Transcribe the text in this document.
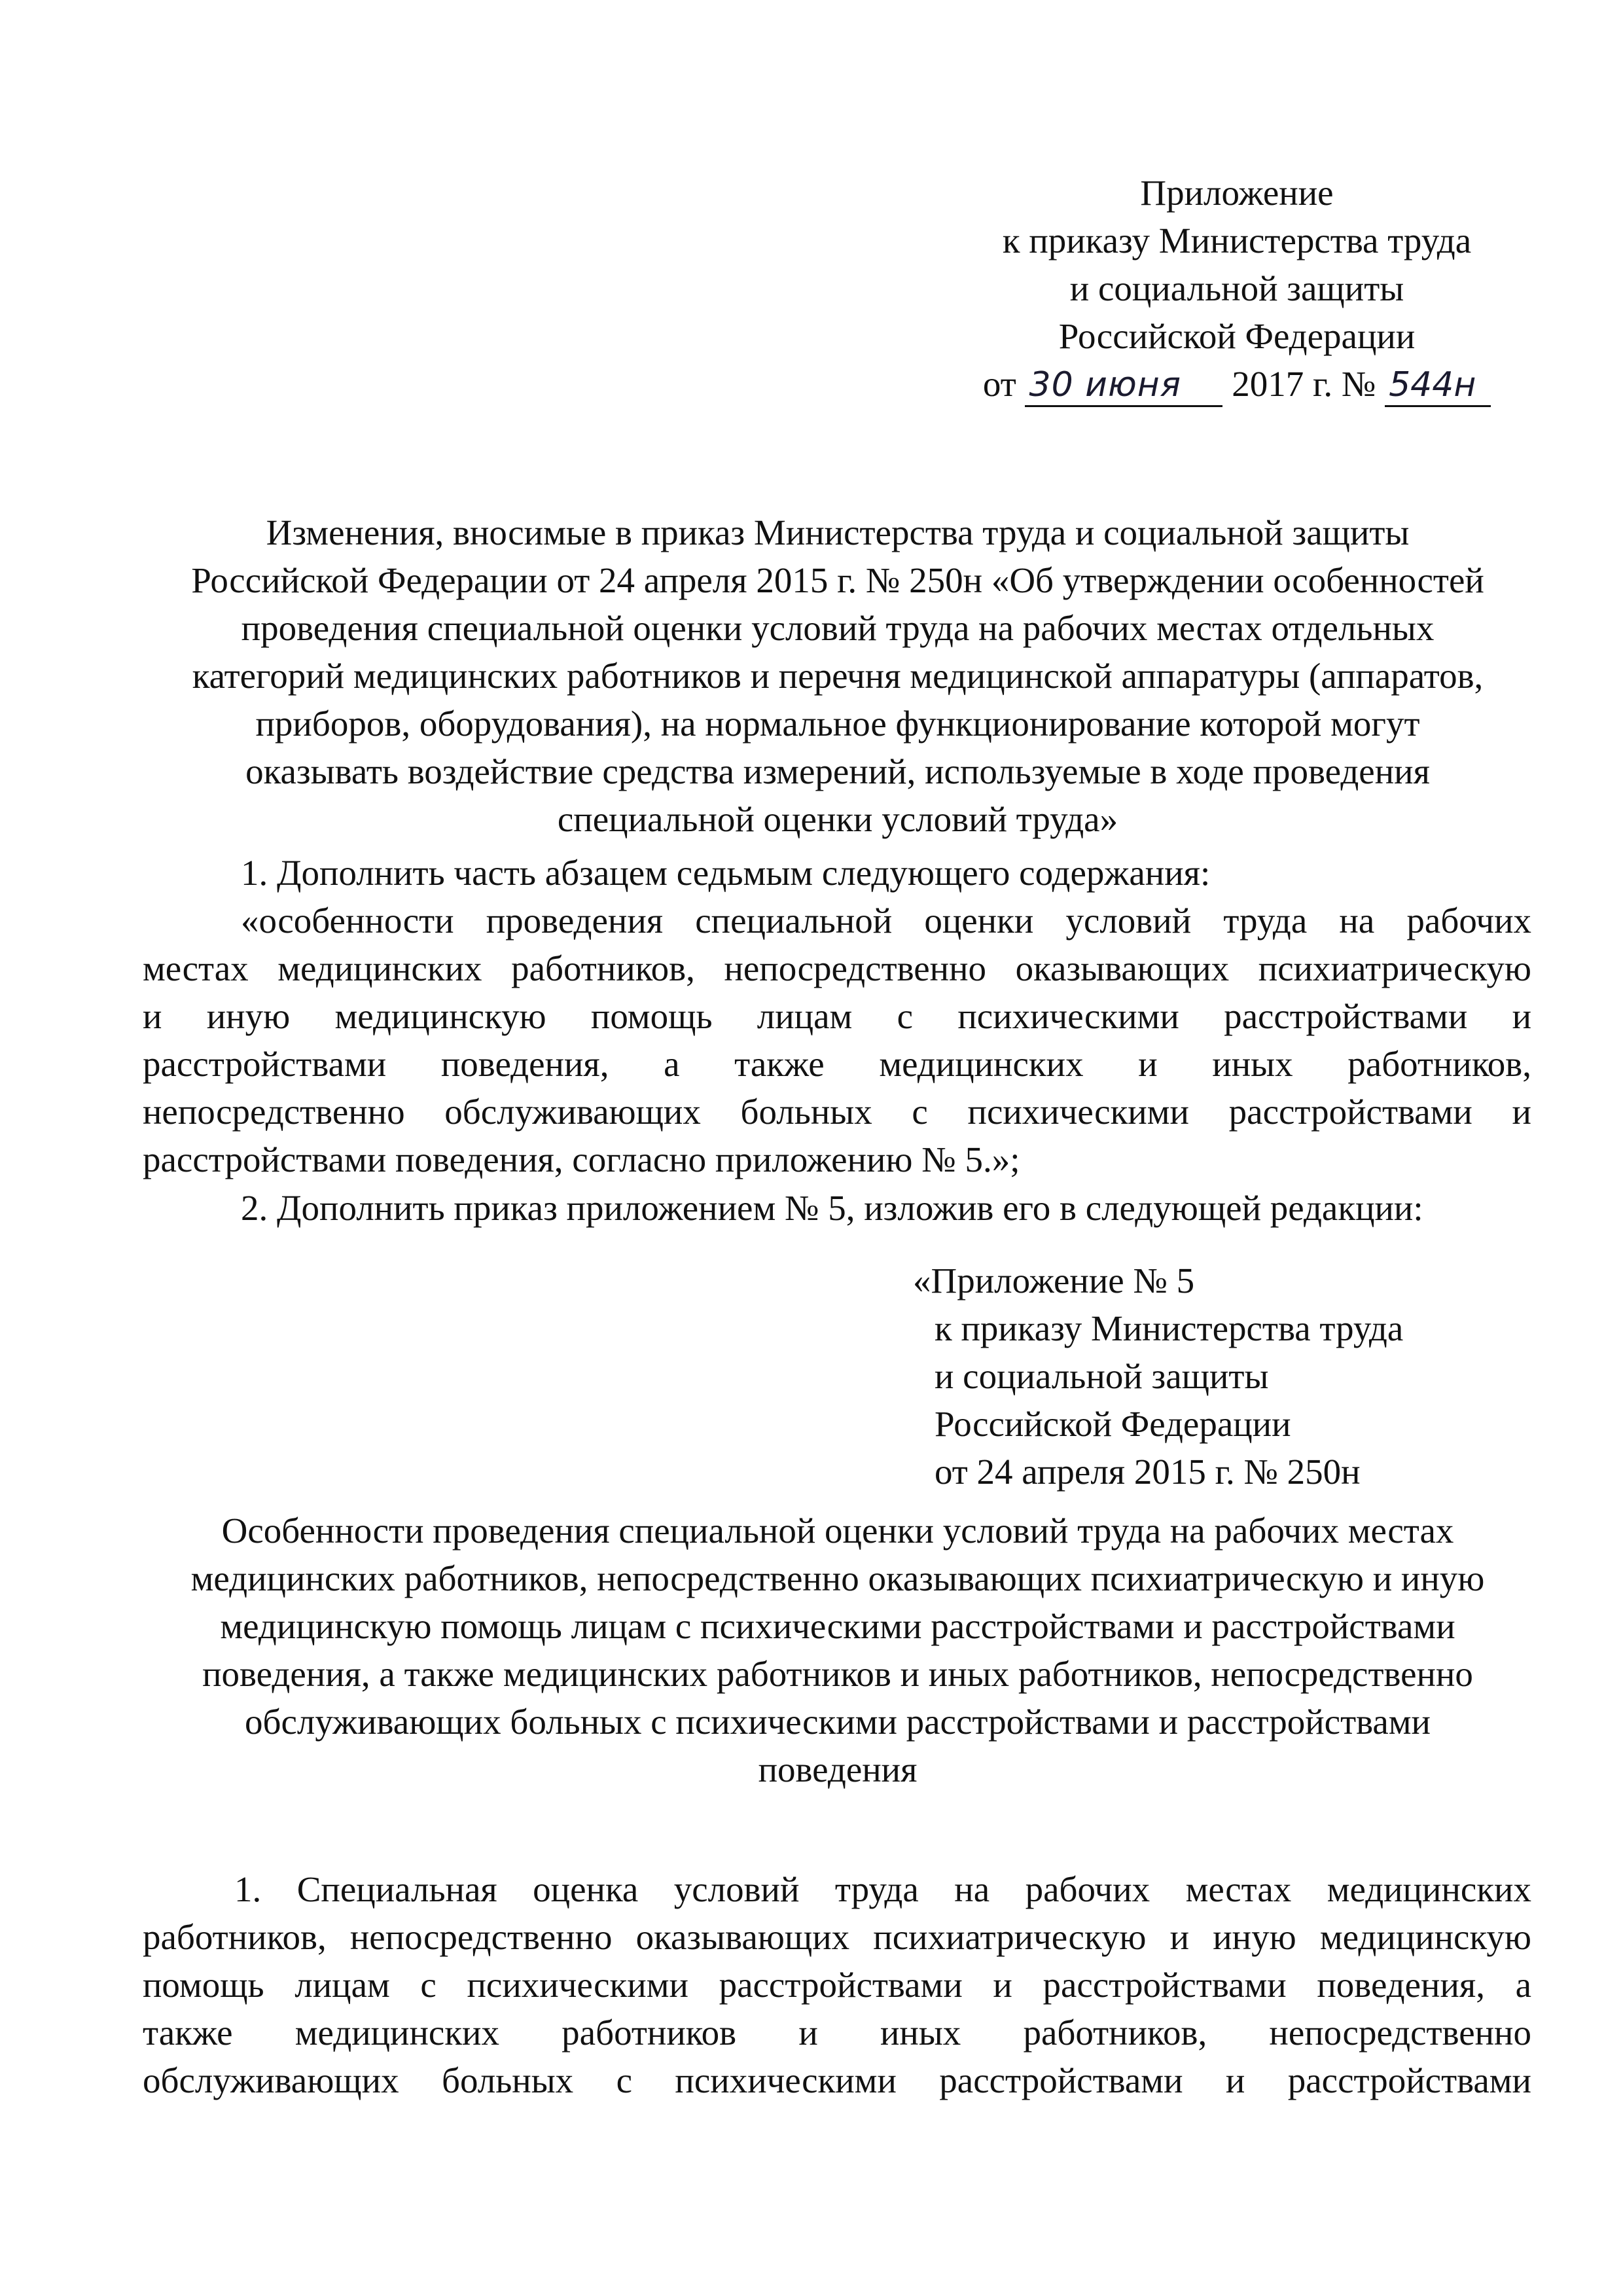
Приложение
к приказу Министерства труда
и социальной защиты
Российской Федерации
от 30 июня 2017 г. № 544н
Изменения, вносимые в приказ Министерства труда и социальной защиты
Российской Федерации от 24 апреля 2015 г. № 250н «Об утверждении особенностей
проведения специальной оценки условий труда на рабочих местах отдельных
категорий медицинских работников и перечня медицинской аппаратуры (аппаратов,
приборов, оборудования), на нормальное функционирование которой могут
оказывать воздействие средства измерений, используемые в ходе проведения
специальной оценки условий труда»
1. Дополнить часть абзацем седьмым следующего содержания:
«особенности проведения специальной оценки условий труда на рабочих
местах медицинских работников, непосредственно оказывающих психиатрическую
и иную медицинскую помощь лицам с психическими расстройствами и
расстройствами поведения, а также медицинских и иных работников,
непосредственно обслуживающих больных с психическими расстройствами и
расстройствами поведения, согласно приложению № 5.»;
2. Дополнить приказ приложением № 5, изложив его в следующей редакции:
«Приложение № 5
к приказу Министерства труда
и социальной защиты
Российской Федерации
от 24 апреля 2015 г. № 250н
Особенности проведения специальной оценки условий труда на рабочих местах
медицинских работников, непосредственно оказывающих психиатрическую и иную
медицинскую помощь лицам с психическими расстройствами и расстройствами
поведения, а также медицинских работников и иных работников, непосредственно
обслуживающих больных с психическими расстройствами и расстройствами
поведения
1. Специальная оценка условий труда на рабочих местах медицинских
работников, непосредственно оказывающих психиатрическую и иную медицинскую
помощь лицам с психическими расстройствами и расстройствами поведения, а
также медицинских работников и иных работников, непосредственно
обслуживающих больных с психическими расстройствами и расстройствами
